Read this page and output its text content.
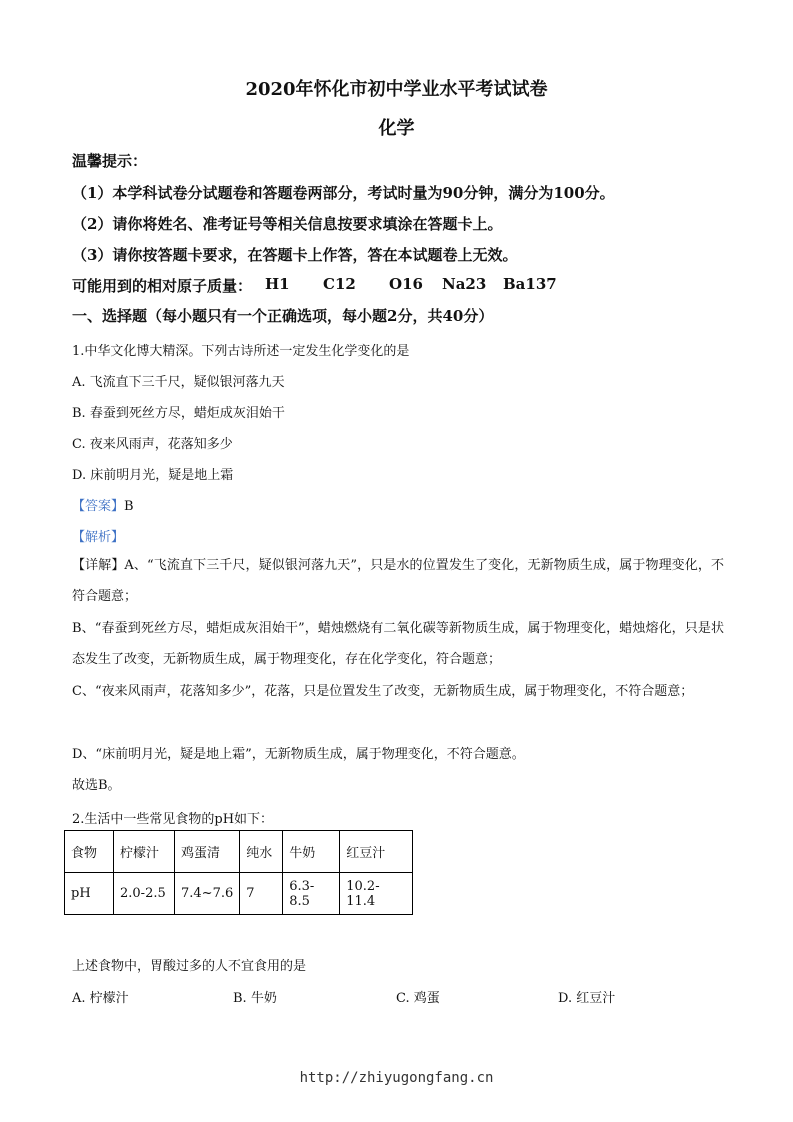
2020年怀化市初中学业水平考试试卷
化学
温馨提示：
（1）本学科试卷分试题卷和答题卷两部分，考试时量为90分钟，满分为100分。
（2）请你将姓名、准考证号等相关信息按要求填涂在答题卡上。
（3）请你按答题卡要求，在答题卡上作答，答在本试题卷上无效。
可能用到的相对原子质量： H1 C12 O16 Na23 Ba137
一、选择题（每小题只有一个正确选项，每小题2分，共40分）
1.中华文化博大精深。下列古诗所述一定发生化学变化的是
A. 飞流直下三千尺，疑似银河落九天
B. 春蚕到死丝方尽，蜡炬成灰泪始干
C. 夜来风雨声，花落知多少
D. 床前明月光，疑是地上霜
【答案】B
【解析】
【详解】A、“飞流直下三千尺，疑似银河落九天”，只是水的位置发生了变化，无新物质生成，属于物理变化，不符合题意；
B、“春蚕到死丝方尽，蜡炬成灰泪始干”，蜡烛燃烧有二氧化碳等新物质生成，属于物理变化，蜡烛熔化，只是状态发生了改变，无新物质生成，属于物理变化，存在化学变化，符合题意；
C、“夜来风雨声，花落知多少”，花落，只是位置发生了改变，无新物质生成，属于物理变化，不符合题意；
D、“床前明月光，疑是地上霜”，无新物质生成，属于物理变化，不符合题意。
故选B。
2.生活中一些常见食物的pH如下：
食物	柠檬汁	鸡蛋清	纯水	牛奶	红豆汁
pH	2.0-2.5	7.4~7.6	7	6.3-8.5	10.2-11.4
上述食物中，胃酸过多的人不宜食用的是
A. 柠檬汁	B. 牛奶	C. 鸡蛋	D. 红豆汁
http://zhiyugongfang.cn
